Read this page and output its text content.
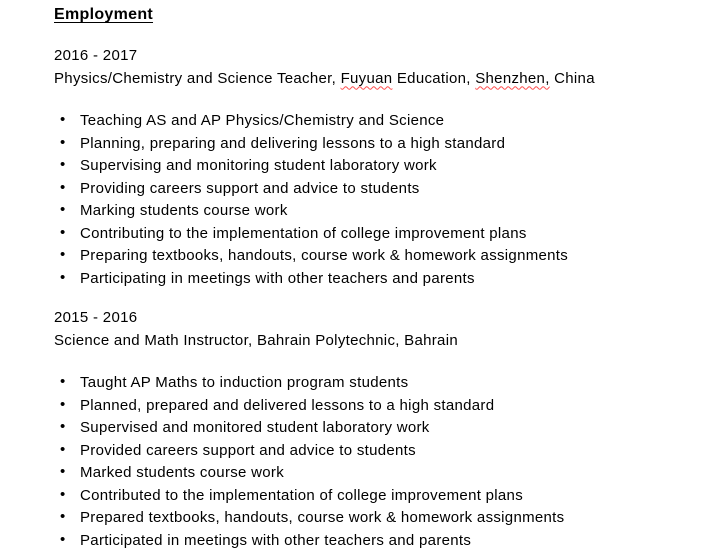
Employment

2016 - 2017

Physics/Chemistry and Science Teacher, Fuyuan Education, Shenzhen, China

• Teaching AS and AP Physics/Chemistry and Science
• Planning, preparing and delivering lessons to a high standard
• Supervising and monitoring student laboratory work
• Providing careers support and advice to students
• Marking students course work
• Contributing to the implementation of college improvement plans
• Preparing textbooks, handouts, course work & homework assignments
• Participating in meetings with other teachers and parents

2015 - 2016

Science and Math Instructor, Bahrain Polytechnic, Bahrain

• Taught AP Maths to induction program students
• Planned, prepared and delivered lessons to a high standard
• Supervised and monitored student laboratory work
• Provided careers support and advice to students
• Marked students course work
• Contributed to the implementation of college improvement plans
• Prepared textbooks, handouts, course work & homework assignments
• Participated in meetings with other teachers and parents
